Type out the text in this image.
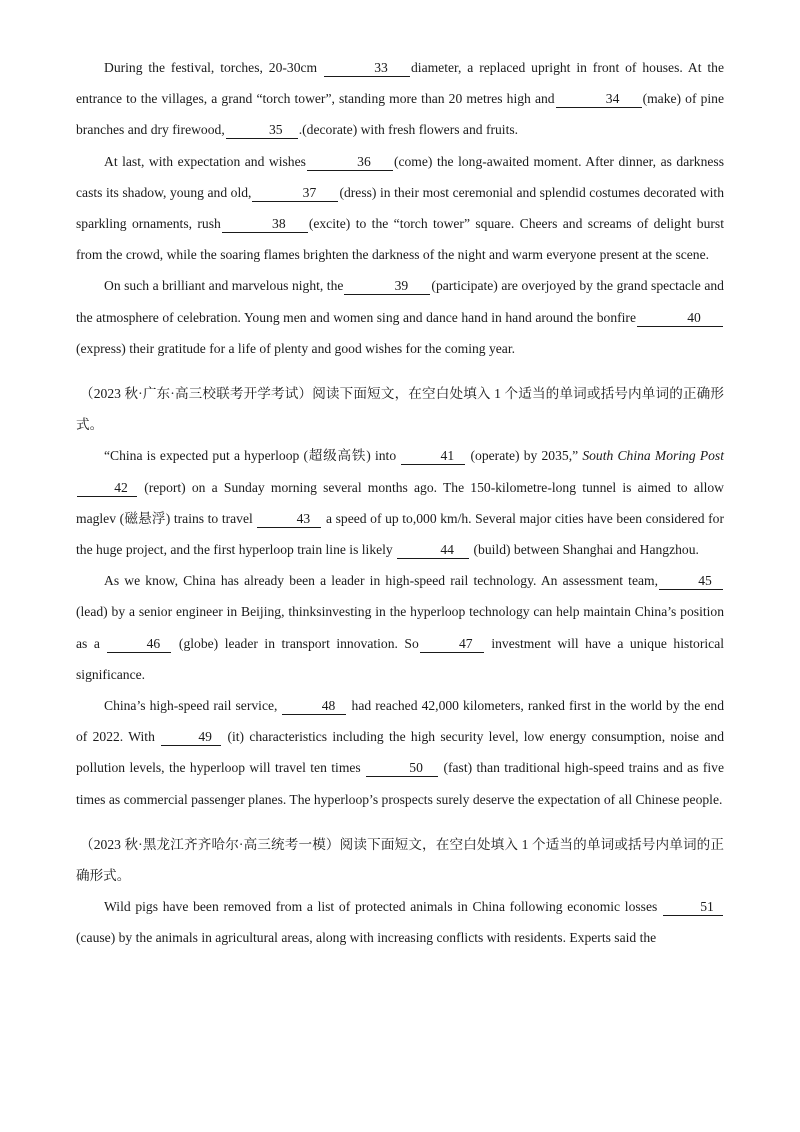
During the festival, torches, 20-30cm	33 diameter, a replaced upright in front of houses. At the entrance to the villages, a grand “torch tower”, standing more than 20 metres high and	34 (make) of pine branches and dry firewood,	35 .(decorate) with fresh flowers and fruits.

At last, with expectation and wishes	36 (come) the long-awaited moment. After dinner, as darkness casts its shadow, young and old,	37 (dress) in their most ceremonial and splendid costumes decorated with sparkling ornaments, rush	38 (excite) to the “torch tower” square. Cheers and screams of delight burst from the crowd, while the soaring flames brighten the darkness of the night and warm everyone present at the scene.

On such a brilliant and marvelous night, the	39 (participate) are overjoyed by the grand spectacle and the atmosphere of celebration. Young men and women sing and dance hand in hand around the bonfire	40(express) their gratitude for a life of plenty and good wishes for the coming year.

（2023 秋·广东·高三校联考开学考试）阅读下面短文，在空白处填入 1 个适当的单词或括号内单词的正确形式。

“China is expected put a hyperloop (超级高铁) into	41 (operate) by 2035,” South China Moring Post 42 (report) on a Sunday morning several months ago. The 150-kilometre-long tunnel is aimed to allow maglev (磁悬浮) trains to travel	43 a speed of up to,000 km/h. Several major cities have been considered for the huge project, and the first hyperloop train line is likely	44 (build) between Shanghai and Hangzhou.

As we know, China has already been a leader in high-speed rail technology. An assessment team,	45(lead) by a senior engineer in Beijing, thinksinvesting in the hyperloop technology can help maintain China’s position as a	46 (globe) leader in transport innovation. So	47 investment will have a unique historical significance.

China’s high-speed rail service,	48 had reached 42,000 kilometers, ranked first in the world by the end of 2022. With	49 (it) characteristics including the high security level, low energy consumption, noise and pollution levels, the hyperloop will travel ten times	50 (fast) than traditional high-speed trains and as five times as commercial passenger planes. The hyperloop’s prospects surely deserve the expectation of all Chinese people.

（2023 秋·黑龙江齐齐哈尔·高三统考一模）阅读下面短文，在空白处填入 1 个适当的单词或括号内单词的正确形式。

Wild pigs have been removed from a list of protected animals in China following economic losses	51 (cause) by the animals in agricultural areas, along with increasing conflicts with residents. Experts said the
